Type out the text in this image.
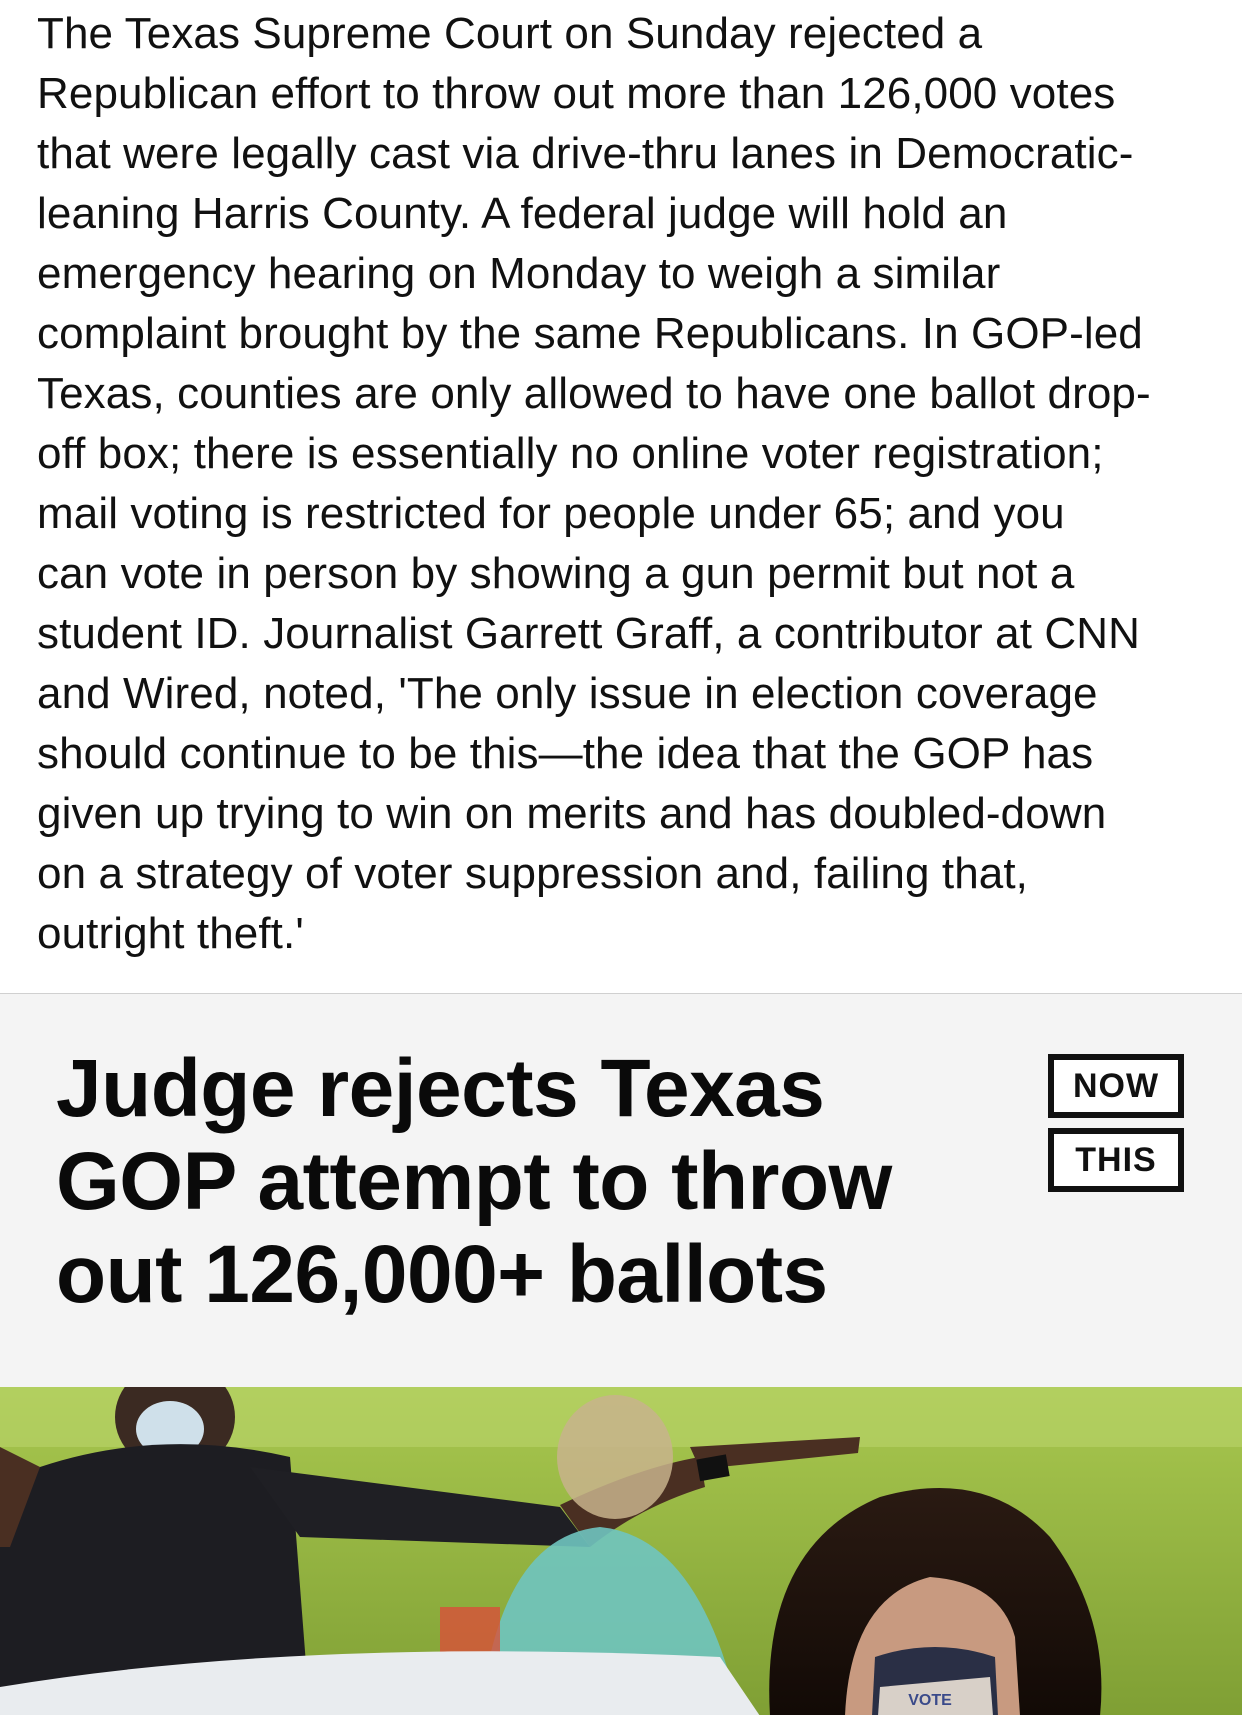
The Texas Supreme Court on Sunday rejected a
Republican effort to throw out more than 126,000 votes
that were legally cast via drive-thru lanes in Democratic-
leaning Harris County. A federal judge will hold an
emergency hearing on Monday to weigh a similar
complaint brought by the same Republicans. In GOP-led
Texas, counties are only allowed to have one ballot drop-
off box; there is essentially no online voter registration;
mail voting is restricted for people under 65; and you
can vote in person by showing a gun permit but not a
student ID. Journalist Garrett Graff, a contributor at CNN
and Wired, noted, 'The only issue in election coverage
should continue to be this—the idea that the GOP has
given up trying to win on merits and has doubled-down
on a strategy of voter suppression and, failing that,
outright theft.'
Judge rejects Texas
GOP attempt to throw
out 126,000+ ballots
NOW
THIS
VOTE
